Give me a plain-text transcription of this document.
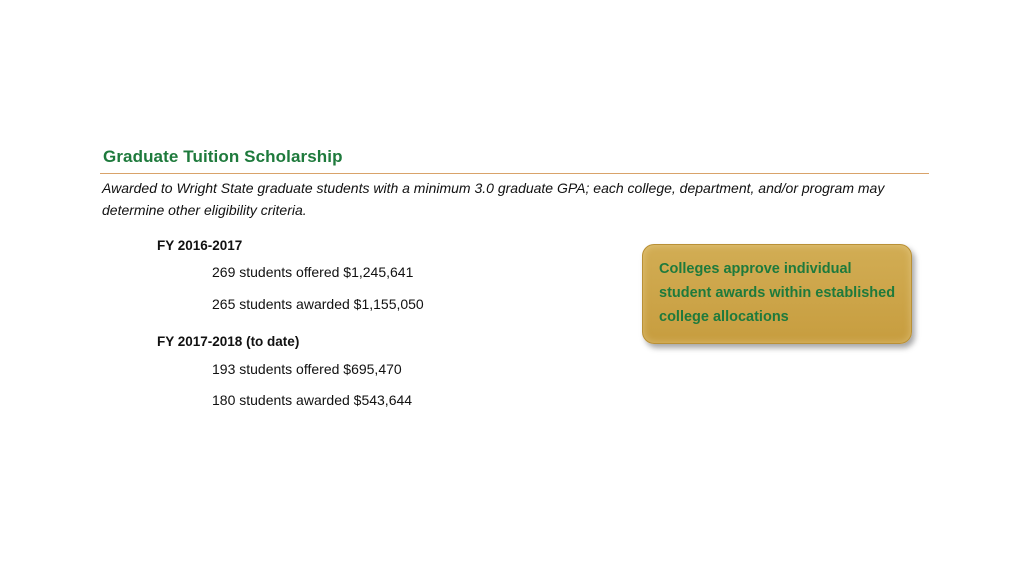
Graduate Tuition Scholarship
Awarded to Wright State graduate students with a minimum 3.0 graduate GPA; each college, department, and/or program may determine other eligibility criteria.
FY 2016-2017
269 students offered $1,245,641
265 students awarded $1,155,050
FY 2017-2018 (to date)
193 students offered $695,470
180 students awarded $543,644
Colleges approve individual student awards within established college allocations
